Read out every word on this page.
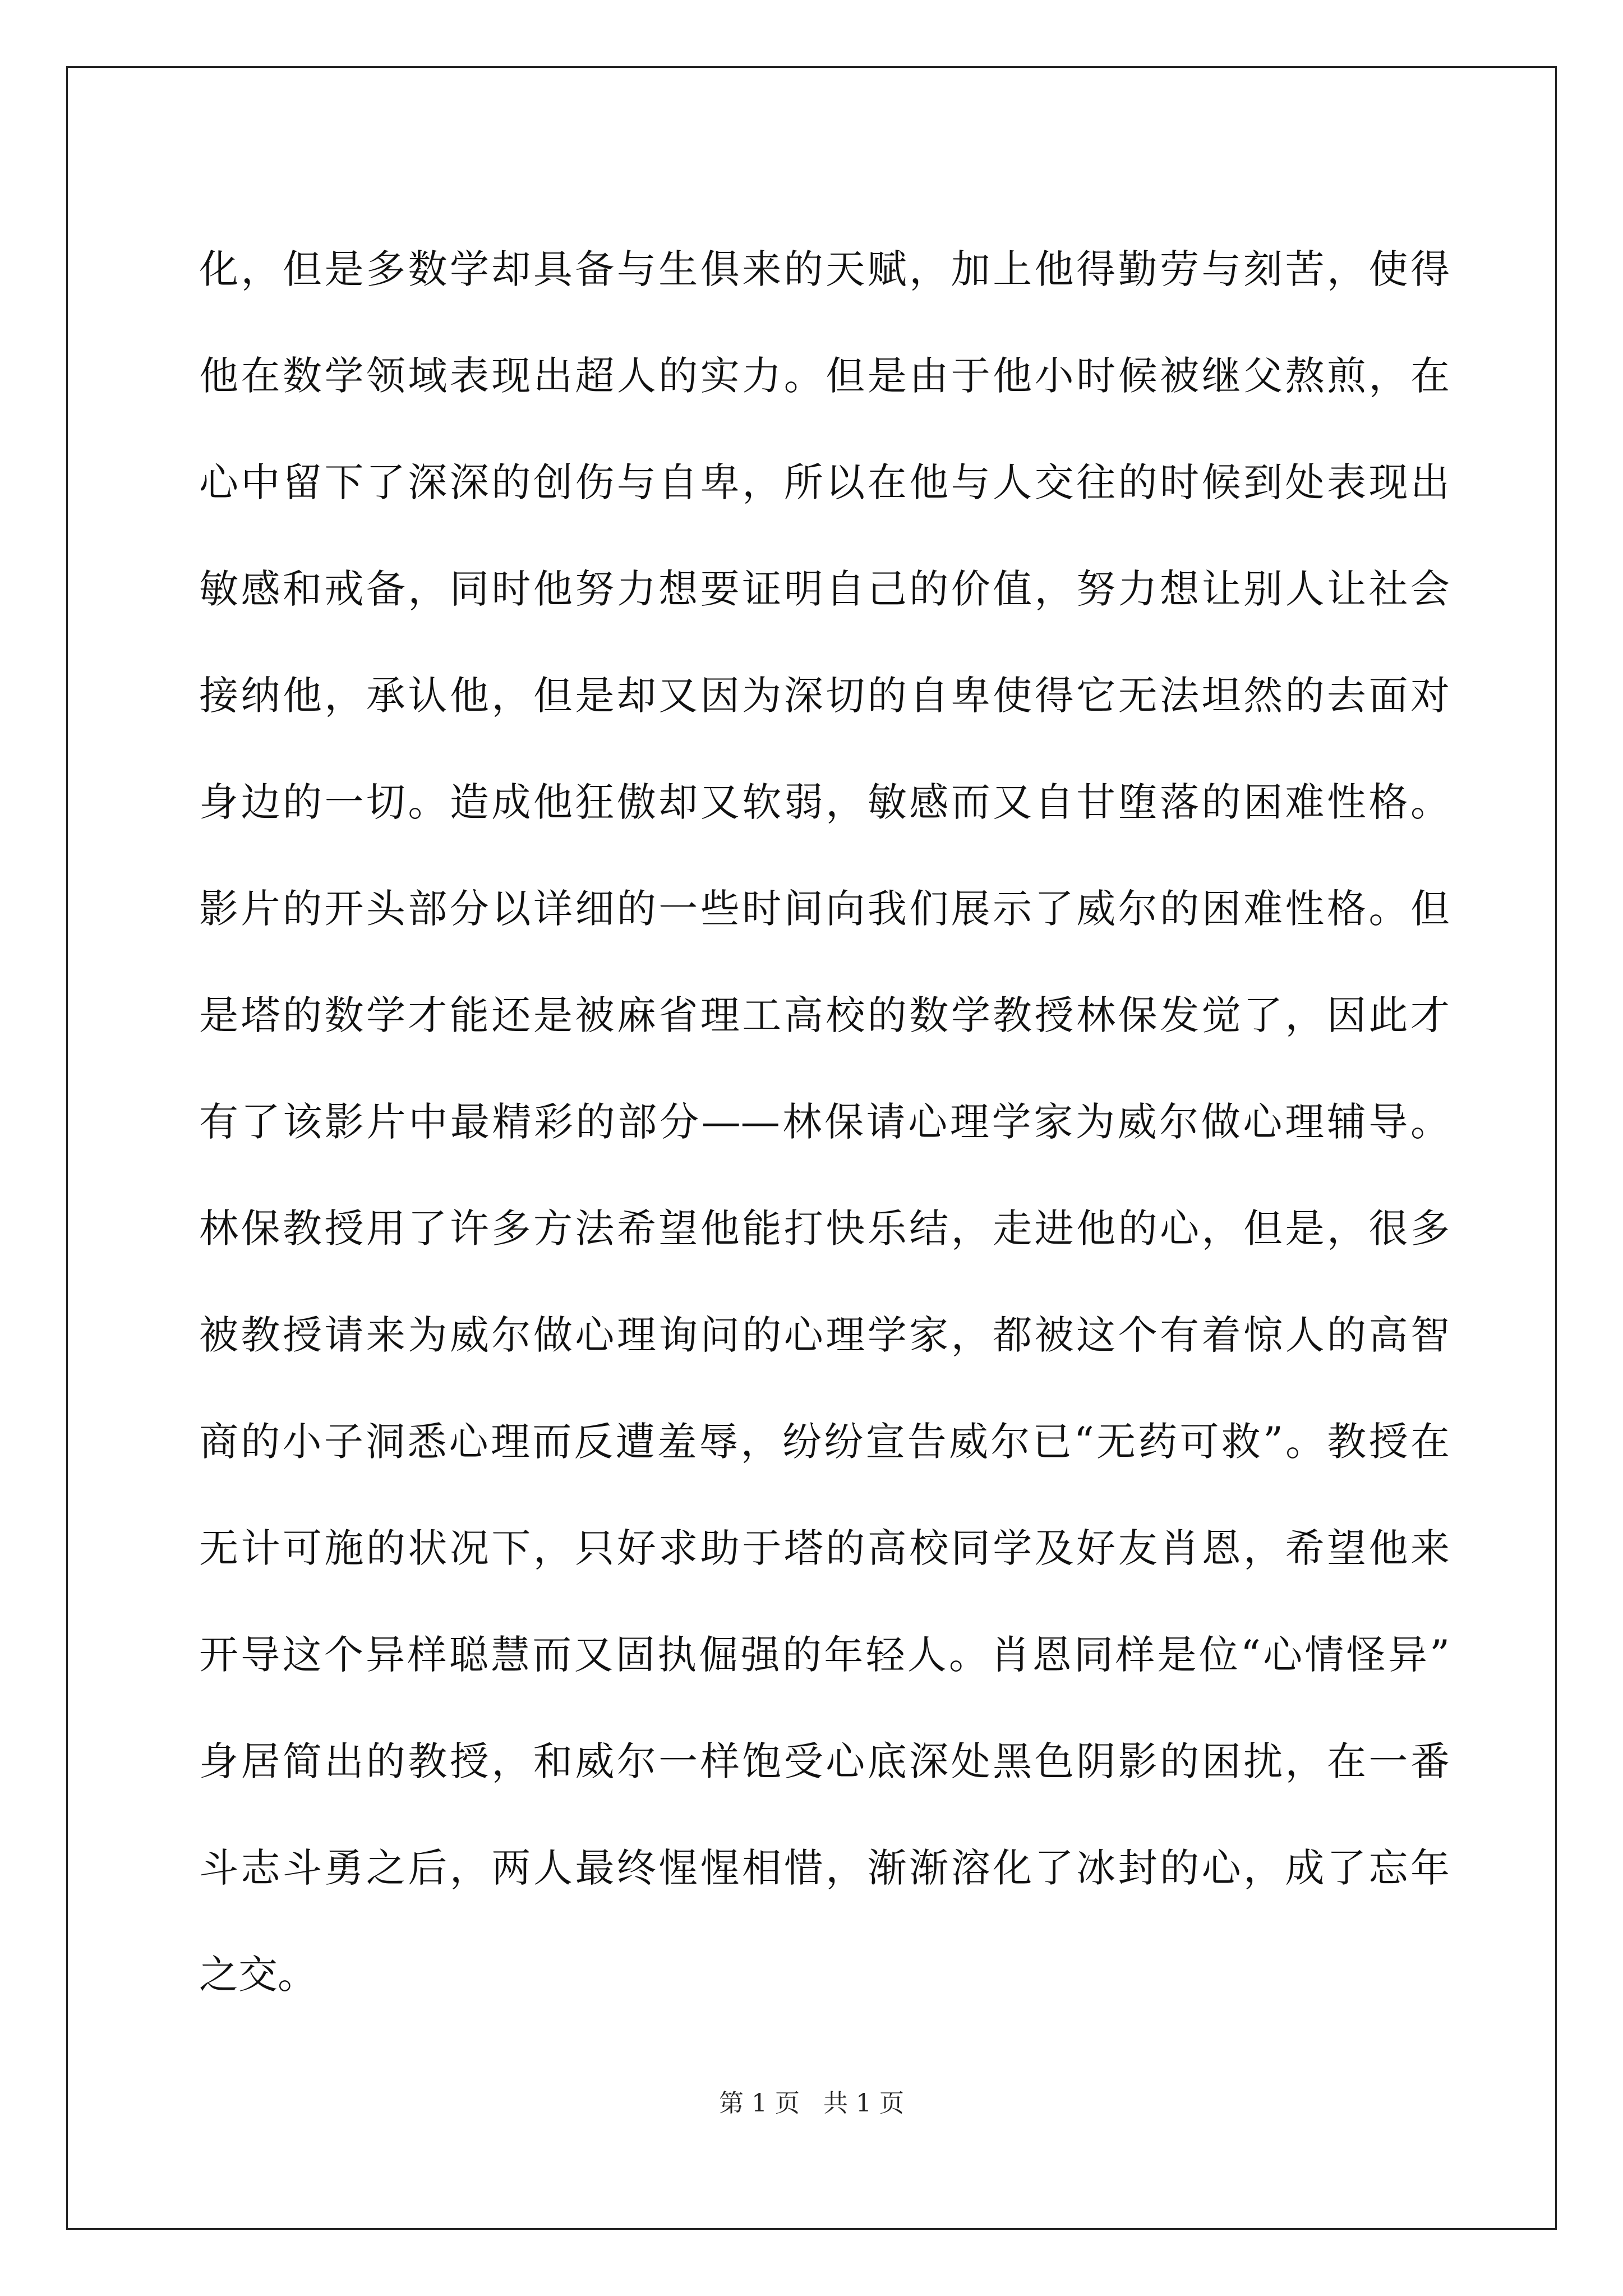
化，但是多数学却具备与生俱来的天赋，加上他得勤劳与刻苦，使得
他在数学领域表现出超人的实力。但是由于他小时候被继父熬煎，在
心中留下了深深的创伤与自卑，所以在他与人交往的时候到处表现出
敏感和戒备，同时他努力想要证明自己的价值，努力想让别人让社会
接纳他，承认他，但是却又因为深切的自卑使得它无法坦然的去面对
身边的一切。造成他狂傲却又软弱，敏感而又自甘堕落的困难性格。
影片的开头部分以详细的一些时间向我们展示了威尔的困难性格。但
是塔的数学才能还是被麻省理工高校的数学教授林保发觉了，因此才
有了该影片中最精彩的部分——林保请心理学家为威尔做心理辅导。
林保教授用了许多方法希望他能打快乐结，走进他的心，但是，很多
被教授请来为威尔做心理询问的心理学家，都被这个有着惊人的高智
商的小子洞悉心理而反遭羞辱，纷纷宣告威尔已“无药可救”。教授在
无计可施的状况下，只好求助于塔的高校同学及好友肖恩，希望他来
开导这个异样聪慧而又固执倔强的年轻人。肖恩同样是位“心情怪异”
身居简出的教授，和威尔一样饱受心底深处黑色阴影的困扰，在一番
斗志斗勇之后，两人最终惺惺相惜，渐渐溶化了冰封的心，成了忘年
之交。
第 1 页   共 1 页
